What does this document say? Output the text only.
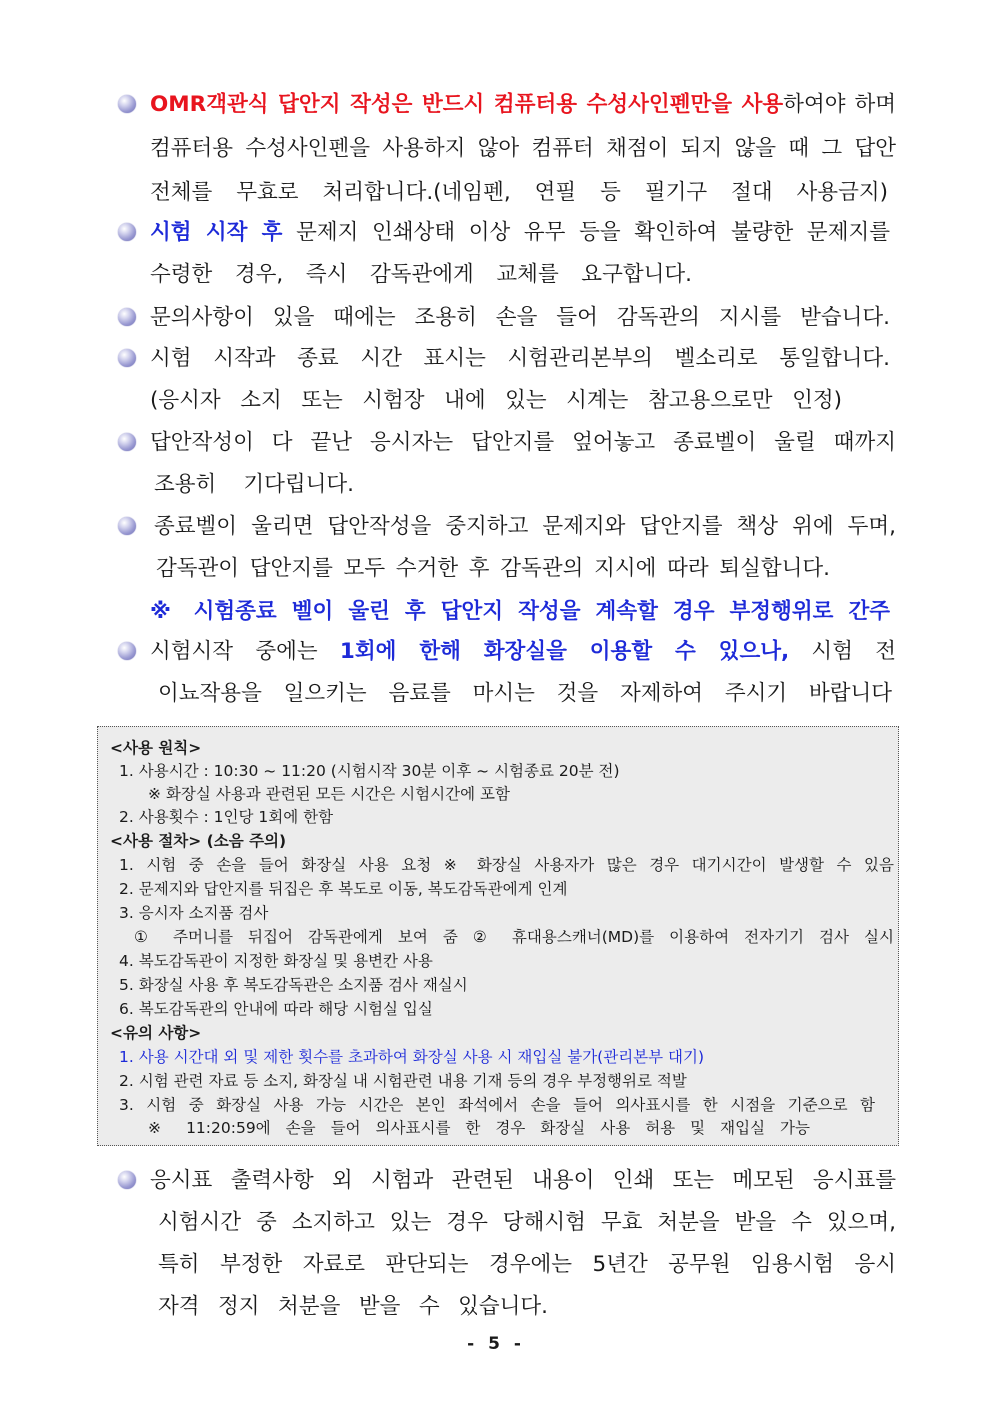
OMR객관식 답안지 작성은 반드시 컴퓨터용 수성사인펜만을 사용하여야 하며
컴퓨터용 수성사인펜을 사용하지 않아 컴퓨터 채점이 되지 않을 때 그 답안
전체를 무효로 처리합니다.(네임펜, 연필 등 필기구 절대 사용금지)
시험 시작 후 문제지 인쇄상태 이상 유무 등을 확인하여 불량한 문제지를
수령한 경우, 즉시 감독관에게 교체를 요구합니다.
문의사항이 있을 때에는 조용히 손을 들어 감독관의 지시를 받습니다.
시험 시작과 종료 시간 표시는 시험관리본부의 벨소리로 통일합니다.
(응시자 소지 또는 시험장 내에 있는 시계는 참고용으로만 인정)
답안작성이 다 끝난 응시자는 답안지를 엎어놓고 종료벨이 울릴 때까지
조용히 기다립니다.
종료벨이 울리면 답안작성을 중지하고 문제지와 답안지를 책상 위에 두며,
감독관이 답안지를 모두 수거한 후 감독관의 지시에 따라 퇴실합니다.
※ 시험종료 벨이 울린 후 답안지 작성을 계속할 경우 부정행위로 간주
시험시작 중에는 1회에 한해 화장실을 이용할 수 있으나, 시험 전
이뇨작용을 일으키는 음료를 마시는 것을 자제하여 주시기 바랍니다
<사용 원칙>
1. 사용시간 : 10:30 ~ 11:20 (시험시작 30분 이후 ~ 시험종료 20분 전)
※ 화장실 사용과 관련된 모든 시간은 시험시간에 포함
2. 사용횟수 : 1인당 1회에 한함
<사용 절차> (소음 주의)
1. 시험 중 손을 들어 화장실 사용 요청 ※ 화장실 사용자가 많은 경우 대기시간이 발생할 수 있음
2. 문제지와 답안지를 뒤집은 후 복도로 이동, 복도감독관에게 인계
3. 응시자 소지품 검사
① 주머니를 뒤집어 감독관에게 보여 줌 ② 휴대용스캐너(MD)를 이용하여 전자기기 검사 실시
4. 복도감독관이 지정한 화장실 및 용변칸 사용
5. 화장실 사용 후 복도감독관은 소지품 검사 재실시
6. 복도감독관의 안내에 따라 해당 시험실 입실
<유의 사항>
1. 사용 시간대 외 및 제한 횟수를 초과하여 화장실 사용 시 재입실 불가(관리본부 대기)
2. 시험 관련 자료 등 소지, 화장실 내 시험관련 내용 기재 등의 경우 부정행위로 적발
3. 시험 중 화장실 사용 가능 시간은 본인 좌석에서 손을 들어 의사표시를 한 시점을 기준으로 함
※ 11:20:59에 손을 들어 의사표시를 한 경우 화장실 사용 허용 및 재입실 가능
응시표 출력사항 외 시험과 관련된 내용이 인쇄 또는 메모된 응시표를
시험시간 중 소지하고 있는 경우 당해시험 무효 처분을 받을 수 있으며,
특히 부정한 자료로 판단되는 경우에는 5년간 공무원 임용시험 응시
자격 정지 처분을 받을 수 있습니다.
- 5 -
